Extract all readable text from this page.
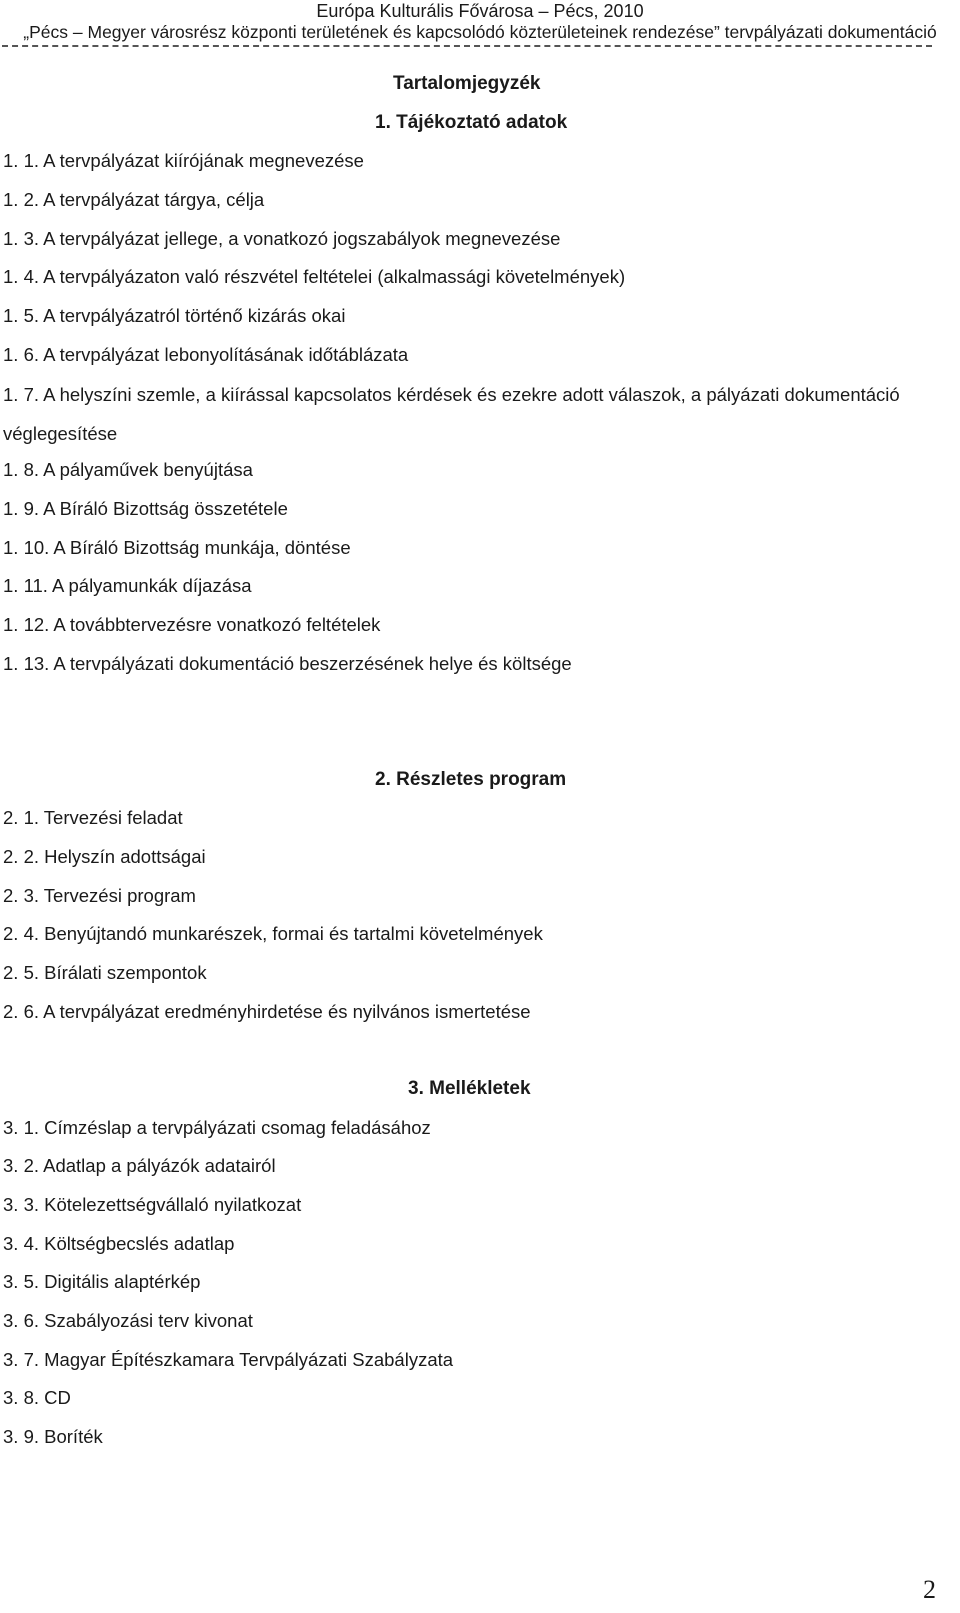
Európa Kulturális Fővárosa – Pécs, 2010
„Pécs – Megyer városrész központi területének és kapcsolódó közterületeinek rendezése” tervpályázati dokumentáció
Tartalomjegyzék
1. Tájékoztató adatok
1. 1. A tervpályázat kiírójának megnevezése
1. 2. A tervpályázat tárgya, célja
1. 3. A tervpályázat jellege, a vonatkozó jogszabályok megnevezése
1. 4. A tervpályázaton való részvétel feltételei (alkalmassági követelmények)
1. 5. A tervpályázatról történő kizárás okai
1. 6. A tervpályázat lebonyolításának időtáblázata
1. 7. A helyszíni szemle, a kiírással kapcsolatos kérdések és ezekre adott válaszok, a pályázati dokumentáció véglegesítése
1. 8. A pályaművek benyújtása
1. 9. A Bíráló Bizottság összetétele
1. 10. A Bíráló Bizottság munkája, döntése
1. 11. A pályamunkák díjazása
1. 12. A továbbtervezésre vonatkozó feltételek
1. 13. A tervpályázati dokumentáció beszerzésének helye és költsége
2. Részletes program
2. 1. Tervezési feladat
2. 2. Helyszín adottságai
2. 3. Tervezési program
2. 4. Benyújtandó munkarészek, formai és tartalmi követelmények
2. 5. Bírálati szempontok
2. 6. A tervpályázat eredményhirdetése és nyilvános ismertetése
3. Mellékletek
3. 1. Címzéslap a tervpályázati csomag feladásához
3. 2. Adatlap a pályázók adatairól
3. 3. Kötelezettségvállaló nyilatkozat
3. 4. Költségbecslés adatlap
3. 5. Digitális alaptérkép
3. 6. Szabályozási terv kivonat
3. 7. Magyar Építészkamara Tervpályázati Szabályzata
3. 8. CD
3. 9. Boríték
2
